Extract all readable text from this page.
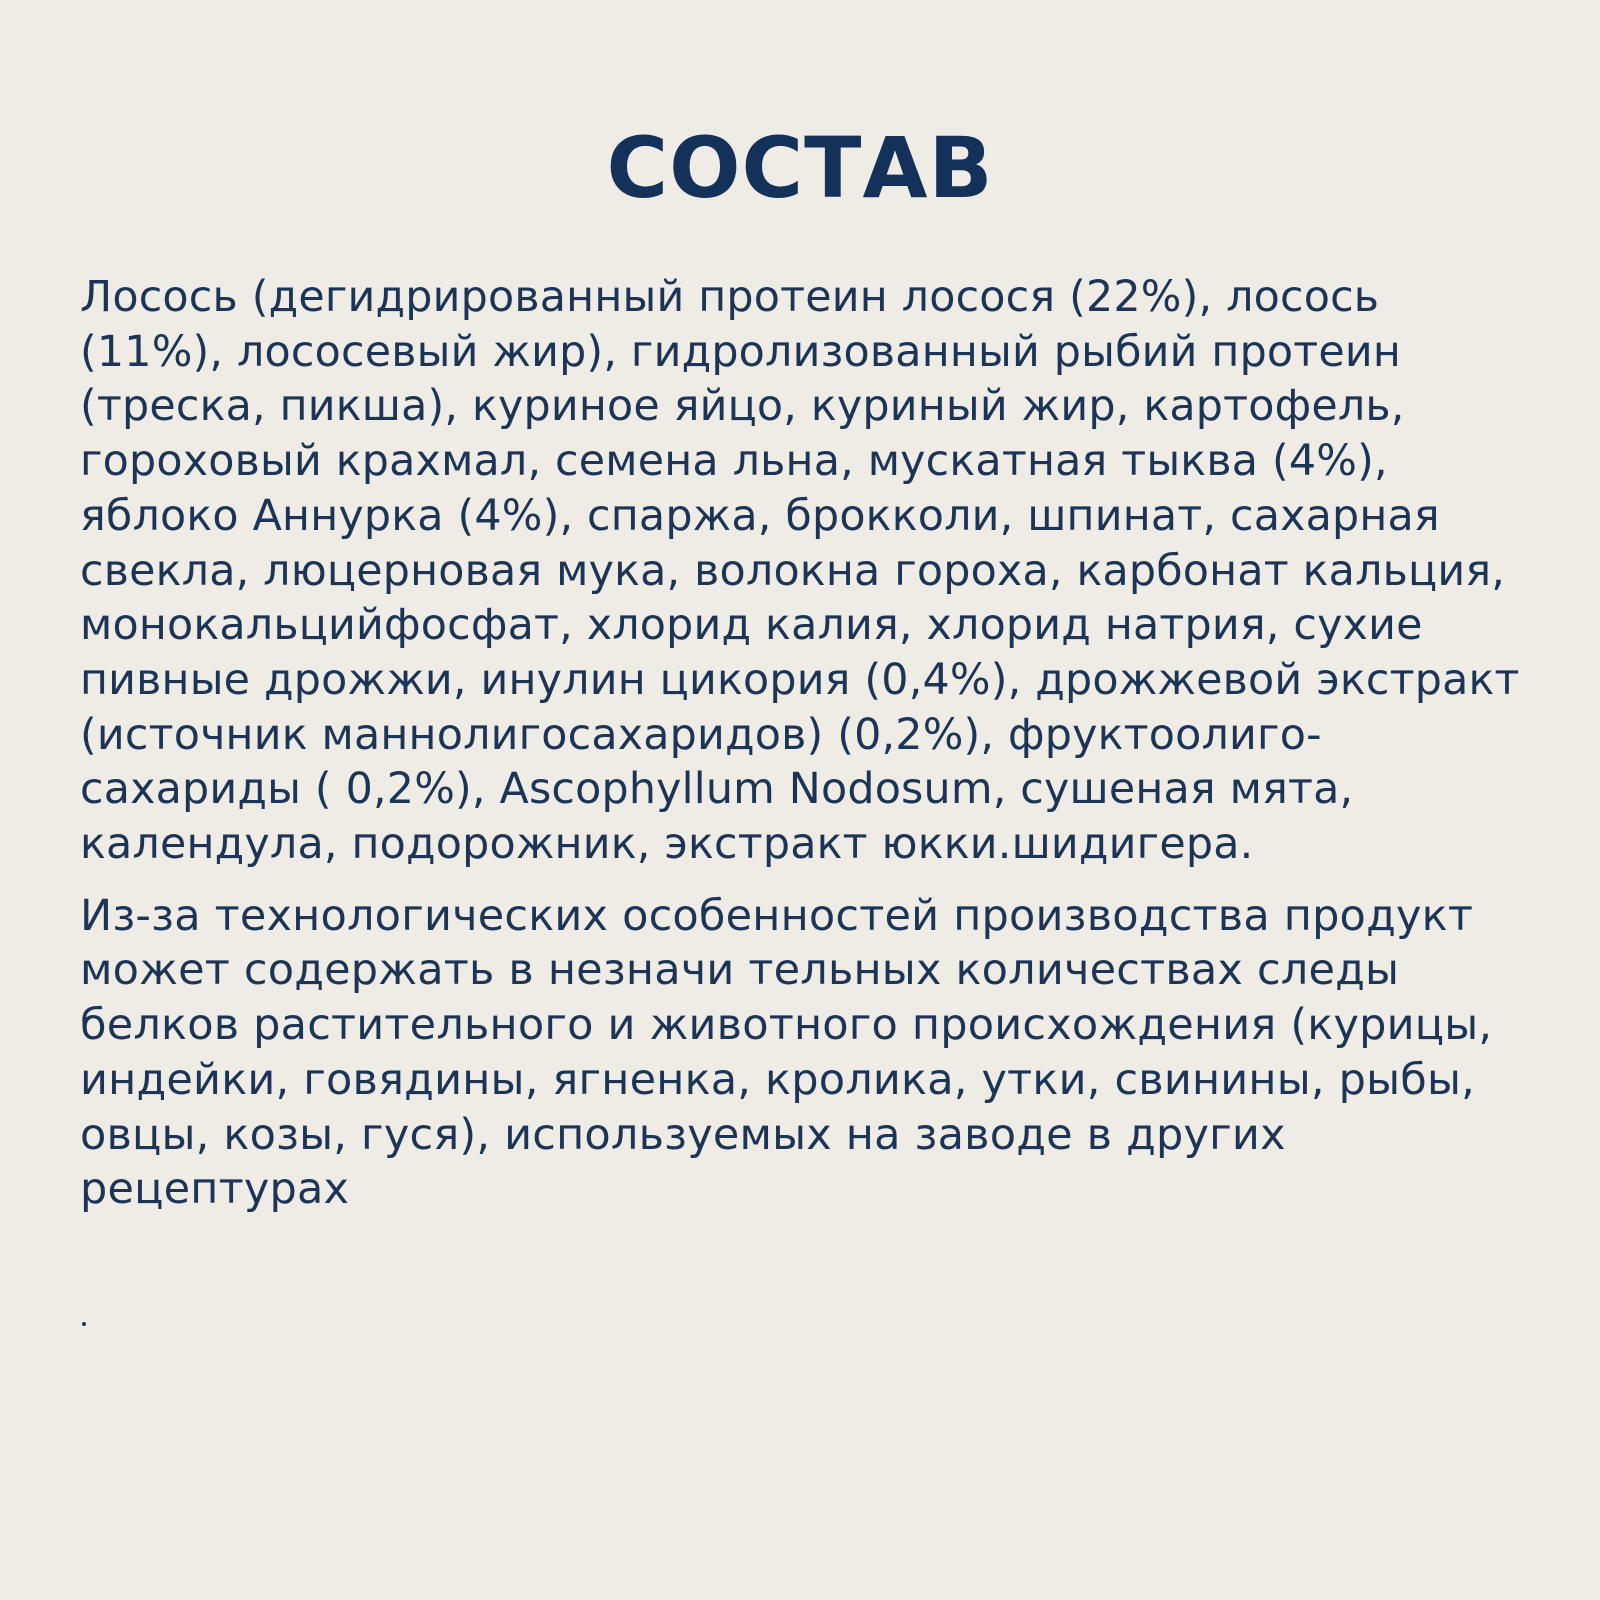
СОСТАВ

Лосось (дегидрированный протеин лосося (22%), лосось
(11%), лососевый жир), гидролизованный рыбий протеин
(треска, пикша), куриное яйцо, куриный жир, картофель,
гороховый крахмал, семена льна, мускатная тыква (4%),
яблоко Аннурка (4%), спаржа, брокколи, шпинат, сахарная
свекла, люцерновая мука, волокна гороха, карбонат кальция,
монокальцийфосфат, хлорид калия, хлорид натрия, сухие
пивные дрожжи, инулин цикория (0,4%), дрожжевой экстракт
(источник маннолигосахаридов) (0,2%), фруктоолиго-
сахариды ( 0,2%), Ascophyllum Nodosum, сушеная мята,
календула, подорожник, экстракт юкки.шидигера.

Из-за технологических особенностей производства продукт
может содержать в незначи тельных количествах следы
белков растительного и животного происхождения (курицы,
индейки, говядины, ягненка, кролика, утки, свинины, рыбы,
овцы, козы, гуся), используемых на заводе в других
рецептурах
